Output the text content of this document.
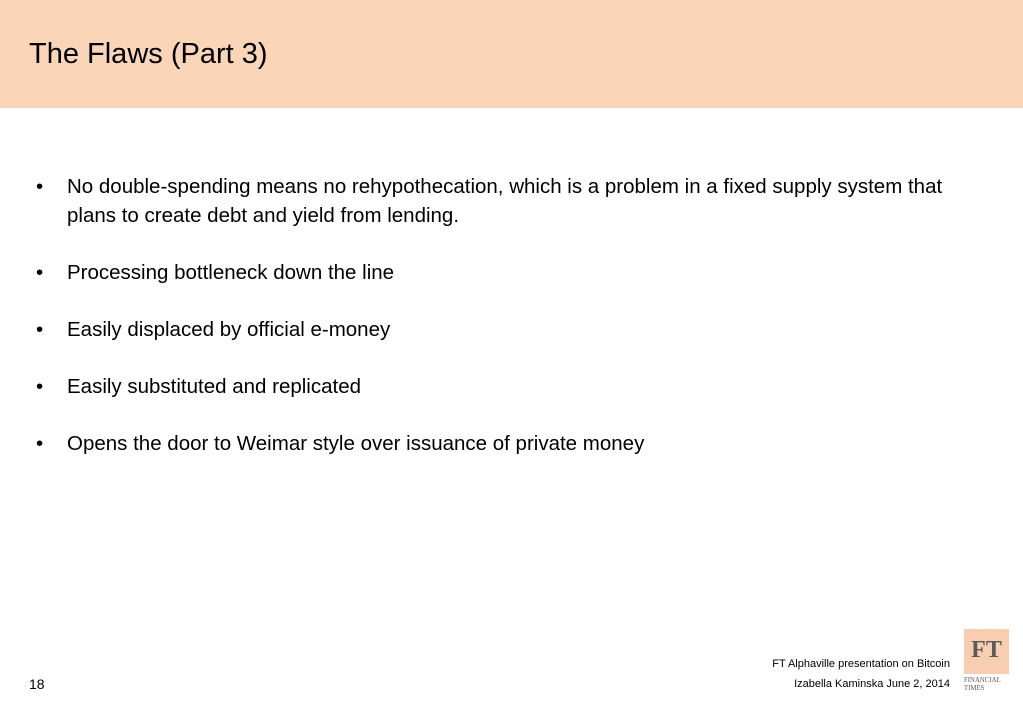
The Flaws (Part 3)
•	No double-spending means no rehypothecation, which is a problem in a fixed supply system that plans to create debt and yield from lending.
•	Processing bottleneck down the line
•	Easily displaced by official e-money
•	Easily substituted and replicated
•	Opens the door to Weimar style over issuance of private money
18
FT Alphaville presentation on Bitcoin
Izabella Kaminska June 2, 2014
FT
FINANCIAL
TIMES
